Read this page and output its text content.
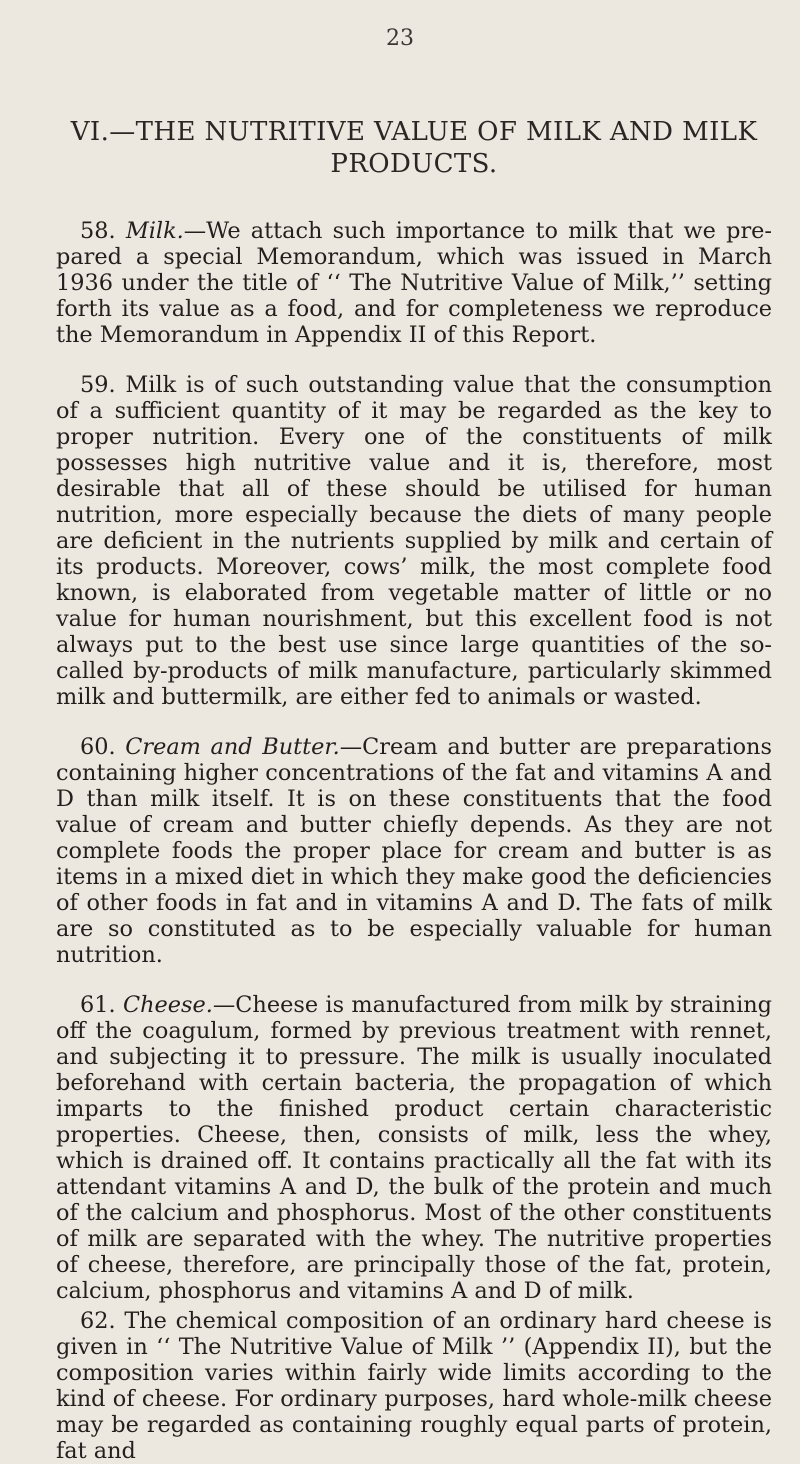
23
VI.—THE NUTRITIVE VALUE OF MILK AND MILK
PRODUCTS.

58. Milk.—We attach such importance to milk that we prepared a special Memorandum, which was issued in March 1936 under the title of ‘‘ The Nutritive Value of Milk,’’ setting forth its value as a food, and for completeness we reproduce the Memorandum in Appendix II of this Report.

59. Milk is of such outstanding value that the consumption of a sufficient quantity of it may be regarded as the key to proper nutrition. Every one of the constituents of milk possesses high nutritive value and it is, therefore, most desirable that all of these should be utilised for human nutrition, more especially because the diets of many people are deficient in the nutrients supplied by milk and certain of its products. Moreover, cows’ milk, the most complete food known, is elaborated from vegetable matter of little or no value for human nourishment, but this excellent food is not always put to the best use since large quantities of the so-called by-products of milk manufacture, particularly skimmed milk and buttermilk, are either fed to animals or wasted.

60. Cream and Butter.—Cream and butter are preparations containing higher concentrations of the fat and vitamins A and D than milk itself. It is on these constituents that the food value of cream and butter chiefly depends. As they are not complete foods the proper place for cream and butter is as items in a mixed diet in which they make good the deficiencies of other foods in fat and in vitamins A and D. The fats of milk are so constituted as to be especially valuable for human nutrition.

61. Cheese.—Cheese is manufactured from milk by straining off the coagulum, formed by previous treatment with rennet, and subjecting it to pressure. The milk is usually inoculated beforehand with certain bacteria, the propagation of which imparts to the finished product certain characteristic properties. Cheese, then, consists of milk, less the whey, which is drained off. It contains practically all the fat with its attendant vitamins A and D, the bulk of the protein and much of the calcium and phosphorus. Most of the other constituents of milk are separated with the whey. The nutritive properties of cheese, therefore, are principally those of the fat, protein, calcium, phosphorus and vitamins A and D of milk.

62. The chemical composition of an ordinary hard cheese is given in ‘‘ The Nutritive Value of Milk ’’ (Appendix II), but the composition varies within fairly wide limits according to the kind of cheese. For ordinary purposes, hard whole-milk cheese may be regarded as containing roughly equal parts of protein, fat and
